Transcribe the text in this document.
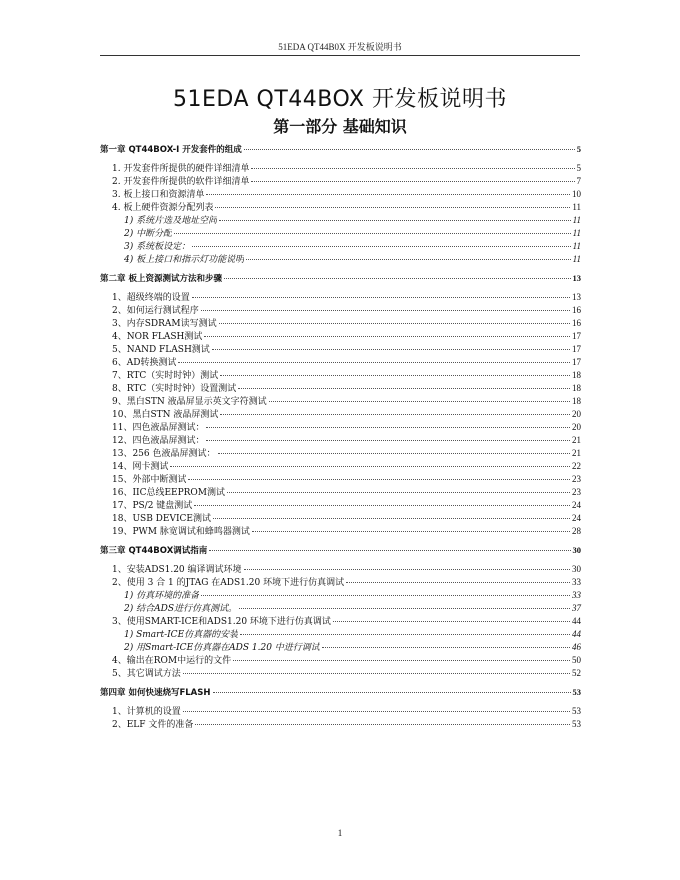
51EDA QT44B0X 开发板说明书
51EDA QT44BOX 开发板说明书
第一部分 基础知识
第一章 QT44BOX-I 开发套件的组成	5
1. 开发套件所提供的硬件详细清单	5
2. 开发套件所提供的软件详细清单	7
3. 板上接口和资源清单	10
4. 板上硬件资源分配列表	11
1) 系统片选及地址空间	11
2) 中断分配	11
3) 系统板设定：	11
4) 板上接口和指示灯功能说明	11
第二章 板上资源测试方法和步骤	13
1、超级终端的设置	13
2、如何运行测试程序	16
3、内存SDRAM读写测试	16
4、NOR FLASH测试	17
5、NAND FLASH测试	17
6、AD转换测试	17
7、RTC（实时时钟）测试	18
8、RTC（实时时钟）设置测试	18
9、黑白STN 液晶屏显示英文字符测试	18
10、黑白STN 液晶屏测试	20
11、四色液晶屏测试：	20
12、四色液晶屏测试：	21
13、256 色液晶屏测试：	21
14、网卡测试	22
15、外部中断测试	23
16、IIC总线EEPROM测试	23
17、PS/2 键盘测试	24
18、USB DEVICE测试	24
19、PWM 脉宽调试和蜂鸣器测试	28
第三章 QT44BOX调试指南	30
1、安装ADS1.20 编译调试环境	30
2、使用 3 合 1 的JTAG 在ADS1.20 环境下进行仿真调试	33
1) 仿真环境的准备	33
2) 结合ADS进行仿真测试。	37
3、使用SMART-ICE和ADS1.20 环境下进行仿真调试	44
1) Smart-ICE仿真器的安装	44
2) 用Smart-ICE仿真器在ADS 1.20 中进行调试	46
4、输出在ROM中运行的文件	50
5、其它调试方法	52
第四章 如何快速烧写FLASH	53
1、计算机的设置	53
2、ELF 文件的准备	53
1
